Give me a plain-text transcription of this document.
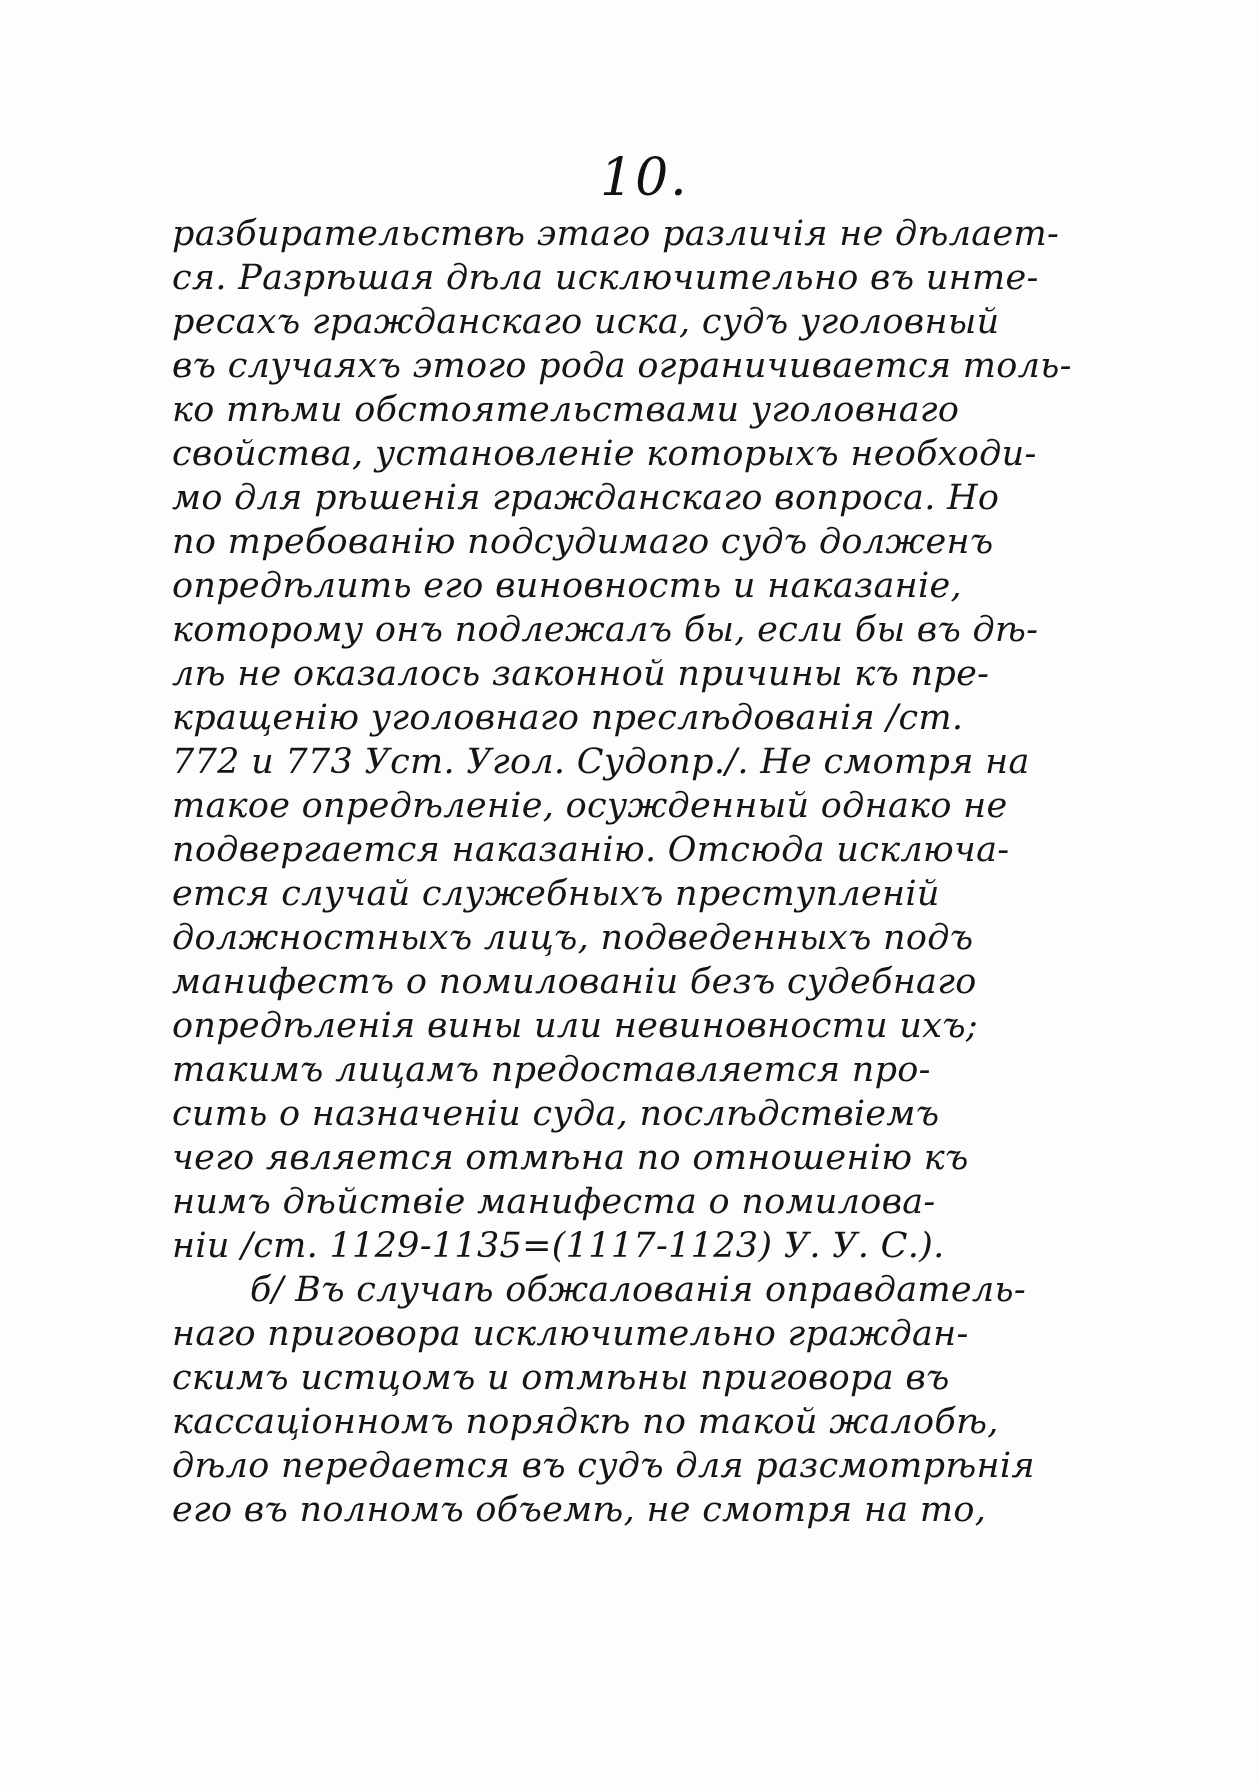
10.
разбирательствѣ этаго различія не дѣлает-
ся. Разрѣшая дѣла исключительно въ инте-
ресахъ гражданскаго иска, судъ уголовный
въ случаяхъ этого рода ограничивается толь-
ко тѣми обстоятельствами уголовнаго
свойства, установленіе которыхъ необходи-
мо для рѣшенія гражданскаго вопроса. Но
по требованію подсудимаго судъ долженъ
опредѣлить его виновность и наказаніе,
которому онъ подлежалъ бы, если бы въ дѣ-
лѣ не оказалось законной причины къ пре-
кращенію уголовнаго преслѣдованія /ст.
772 и 773 Уст. Угол. Судопр./. Не смотря на
такое опредѣленіе, осужденный однако не
подвергается наказанію. Отсюда исключа-
ется случай служебныхъ преступленій
должностныхъ лицъ, подведенныхъ подъ
манифестъ о помилованіи безъ судебнаго
опредѣленія вины или невиновности ихъ;
такимъ лицамъ предоставляется про-
сить о назначеніи суда, послѣдствіемъ
чего является отмѣна по отношенію къ
нимъ дѣйствіе манифеста о помилова-
ніи /ст. 1129-1135=(1117-1123) У. У. С.).
б/ Въ случаѣ обжалованія оправдатель-
наго приговора исключительно граждан-
скимъ истцомъ и отмѣны приговора въ
кассаціонномъ порядкѣ по такой жалобѣ,
дѣло передается въ судъ для разсмотрѣнія
его въ полномъ объемѣ, не смотря на то,
